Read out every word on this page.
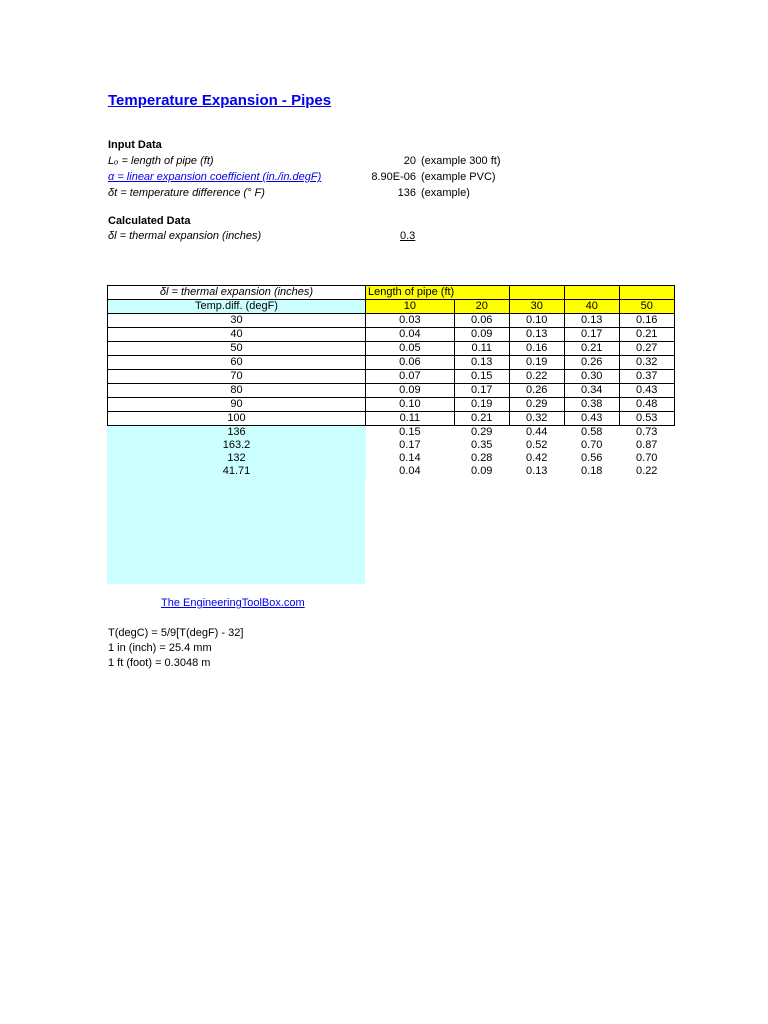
Temperature Expansion - Pipes
Input Data
Lₒ = length of pipe (ft)	20 (example 300 ft)
α = linear expansion coefficient (in./in.degF)	8.90E-06 (example PVC)
δt = temperature difference (° F)	136 (example)
Calculated Data
δl = thermal expansion (inches)	0.3
δl = thermal expansion (inches)	Length of pipe (ft)				
Temp.diff. (degF)	10	20	30	40	50
30	0.03	0.06	0.10	0.13	0.16
40	0.04	0.09	0.13	0.17	0.21
50	0.05	0.11	0.16	0.21	0.27
60	0.06	0.13	0.19	0.26	0.32
70	0.07	0.15	0.22	0.30	0.37
80	0.09	0.17	0.26	0.34	0.43
90	0.10	0.19	0.29	0.38	0.48
100	0.11	0.21	0.32	0.43	0.53
136	0.15	0.29	0.44	0.58	0.73
163.2	0.17	0.35	0.52	0.70	0.87
132	0.14	0.28	0.42	0.56	0.70
41.71	0.04	0.09	0.13	0.18	0.22
The EngineeringToolBox.com
T(degC) = 5/9[T(degF) - 32]
1 in (inch) = 25.4 mm
1 ft (foot) = 0.3048 m
